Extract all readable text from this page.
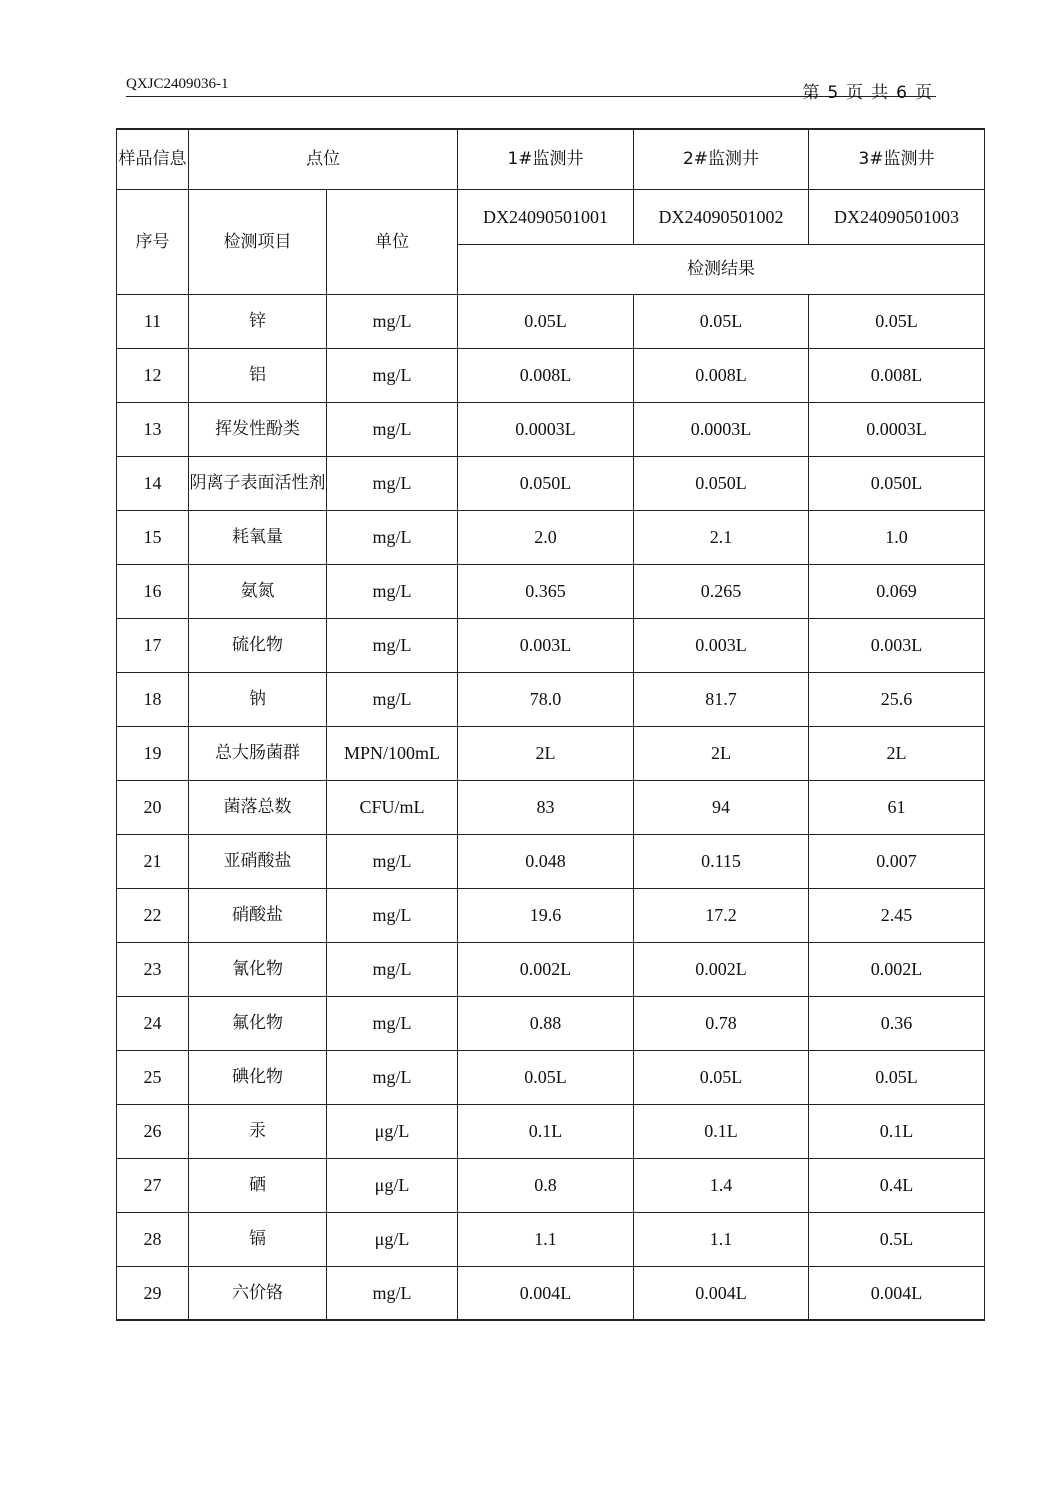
QXJC2409036-1	第 5 页 共 6 页
样品信息	点位		1#监测井	2#监测井	3#监测井
序号	检测项目	单位	DX24090501001	DX24090501002	DX24090501003
			检测结果		
11	锌	mg/L	0.05L	0.05L	0.05L
12	铝	mg/L	0.008L	0.008L	0.008L
13	挥发性酚类	mg/L	0.0003L	0.0003L	0.0003L
14	阴离子表面活性剂	mg/L	0.050L	0.050L	0.050L
15	耗氧量	mg/L	2.0	2.1	1.0
16	氨氮	mg/L	0.365	0.265	0.069
17	硫化物	mg/L	0.003L	0.003L	0.003L
18	钠	mg/L	78.0	81.7	25.6
19	总大肠菌群	MPN/100mL	2L	2L	2L
20	菌落总数	CFU/mL	83	94	61
21	亚硝酸盐	mg/L	0.048	0.115	0.007
22	硝酸盐	mg/L	19.6	17.2	2.45
23	氰化物	mg/L	0.002L	0.002L	0.002L
24	氟化物	mg/L	0.88	0.78	0.36
25	碘化物	mg/L	0.05L	0.05L	0.05L
26	汞	μg/L	0.1L	0.1L	0.1L
27	硒	μg/L	0.8	1.4	0.4L
28	镉	μg/L	1.1	1.1	0.5L
29	六价铬	mg/L	0.004L	0.004L	0.004L
